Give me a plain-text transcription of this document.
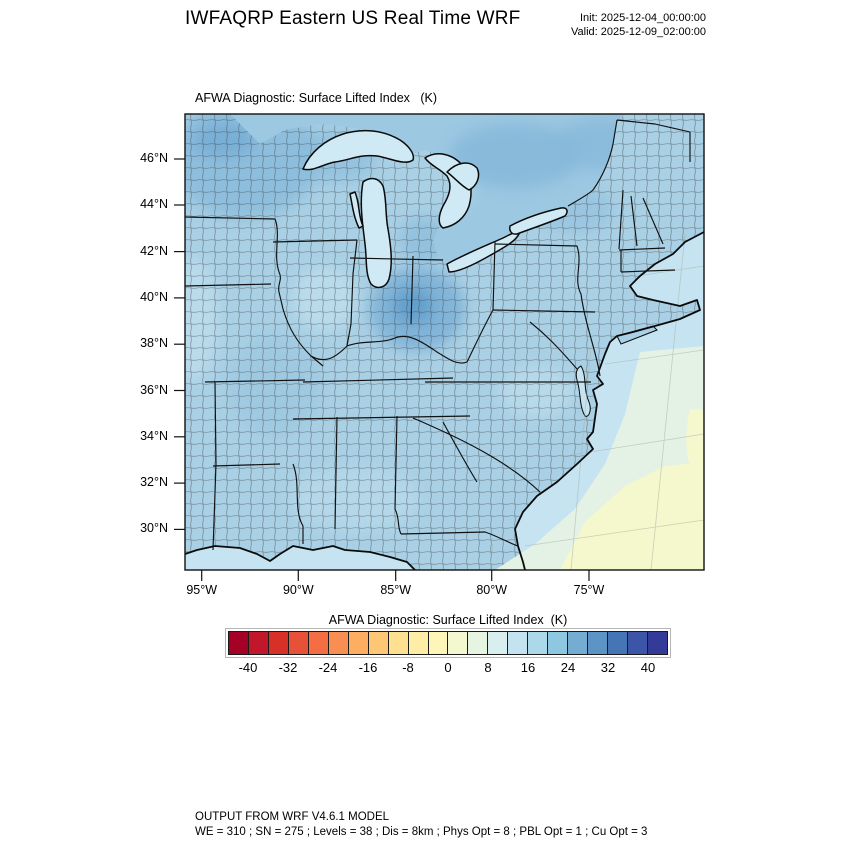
IWFAQRP Eastern US Real Time WRF	Init: 2025-12-04_00:00:00
Valid: 2025-12-09_02:00:00
AFWA Diagnostic: Surface Lifted Index   (K)
46°N
44°N
42°N
40°N
38°N
36°N
34°N
32°N
30°N
95°W	90°W	85°W	80°W	75°W
AFWA Diagnostic: Surface Lifted Index  (K)
-40	-32	-24	-16	-8	0	8	16	24	32	40
OUTPUT FROM WRF V4.6.1 MODEL
WE = 310 ; SN = 275 ; Levels = 38 ; Dis = 8km ; Phys Opt = 8 ; PBL Opt = 1 ; Cu Opt = 3
